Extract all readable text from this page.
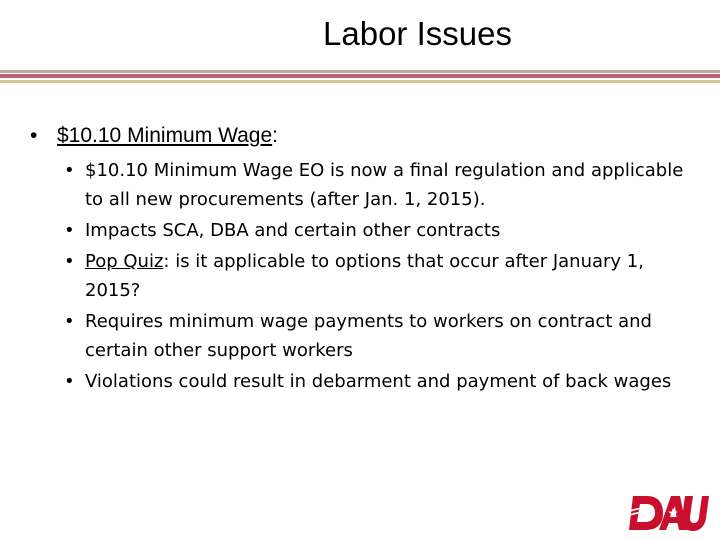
Labor Issues
• $10.10 Minimum Wage:
• $10.10 Minimum Wage EO is now a final regulation and applicable to all new procurements (after Jan. 1, 2015).
• Impacts SCA, DBA and certain other contracts
• Pop Quiz: is it applicable to options that occur after January 1, 2015?
• Requires minimum wage payments to workers on contract and certain other support workers
• Violations could result in debarment and payment of back wages
